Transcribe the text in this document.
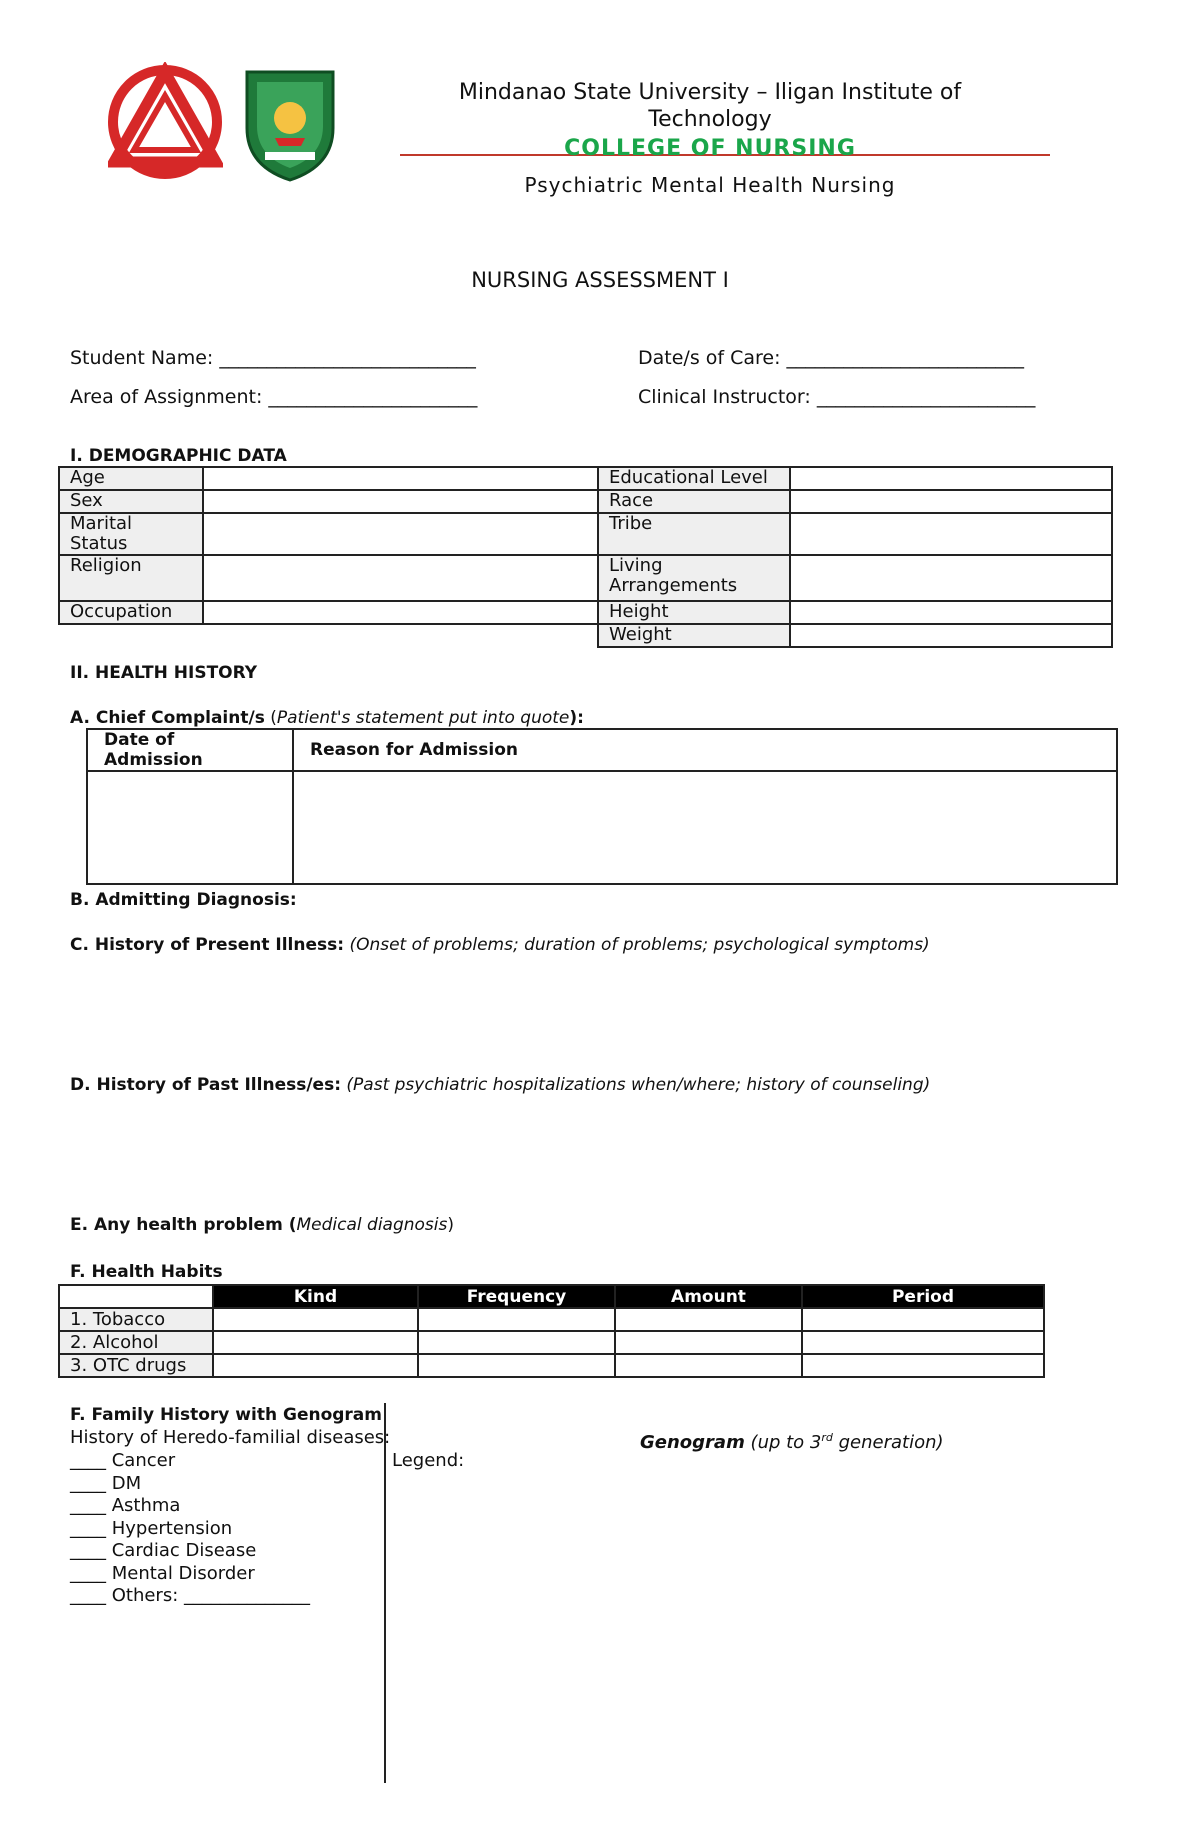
Mindanao State University – Iligan Institute of
Technology
COLLEGE OF NURSING
Psychiatric Mental Health Nursing
NURSING ASSESSMENT I
Student Name: ___________________________	Date/s of Care: _________________________
Area of Assignment: ______________________	Clinical Instructor: _______________________
I. DEMOGRAPHIC DATA
Age		Educational Level	
Sex		Race	
Marital Status		Tribe	
Religion		Living Arrangements	
Occupation		Height	
		Weight	
II. HEALTH HISTORY
A. Chief Complaint/s (Patient's statement put into quote):
Date of Admission	Reason for Admission

B. Admitting Diagnosis:
C. History of Present Illness: (Onset of problems; duration of problems; psychological symptoms)
D. History of Past Illness/es: (Past psychiatric hospitalizations when/where; history of counseling)
E. Any health problem (Medical diagnosis)
F. Health Habits
	Kind	Frequency	Amount	Period
1. Tobacco				
2. Alcohol				
3. OTC drugs				
F. Family History with Genogram
History of Heredo-familial diseases:
____ Cancer
____ DM
____ Asthma
____ Hypertension
____ Cardiac Disease
____ Mental Disorder
____ Others: ______________
Genogram (up to 3rd generation)
Legend:
